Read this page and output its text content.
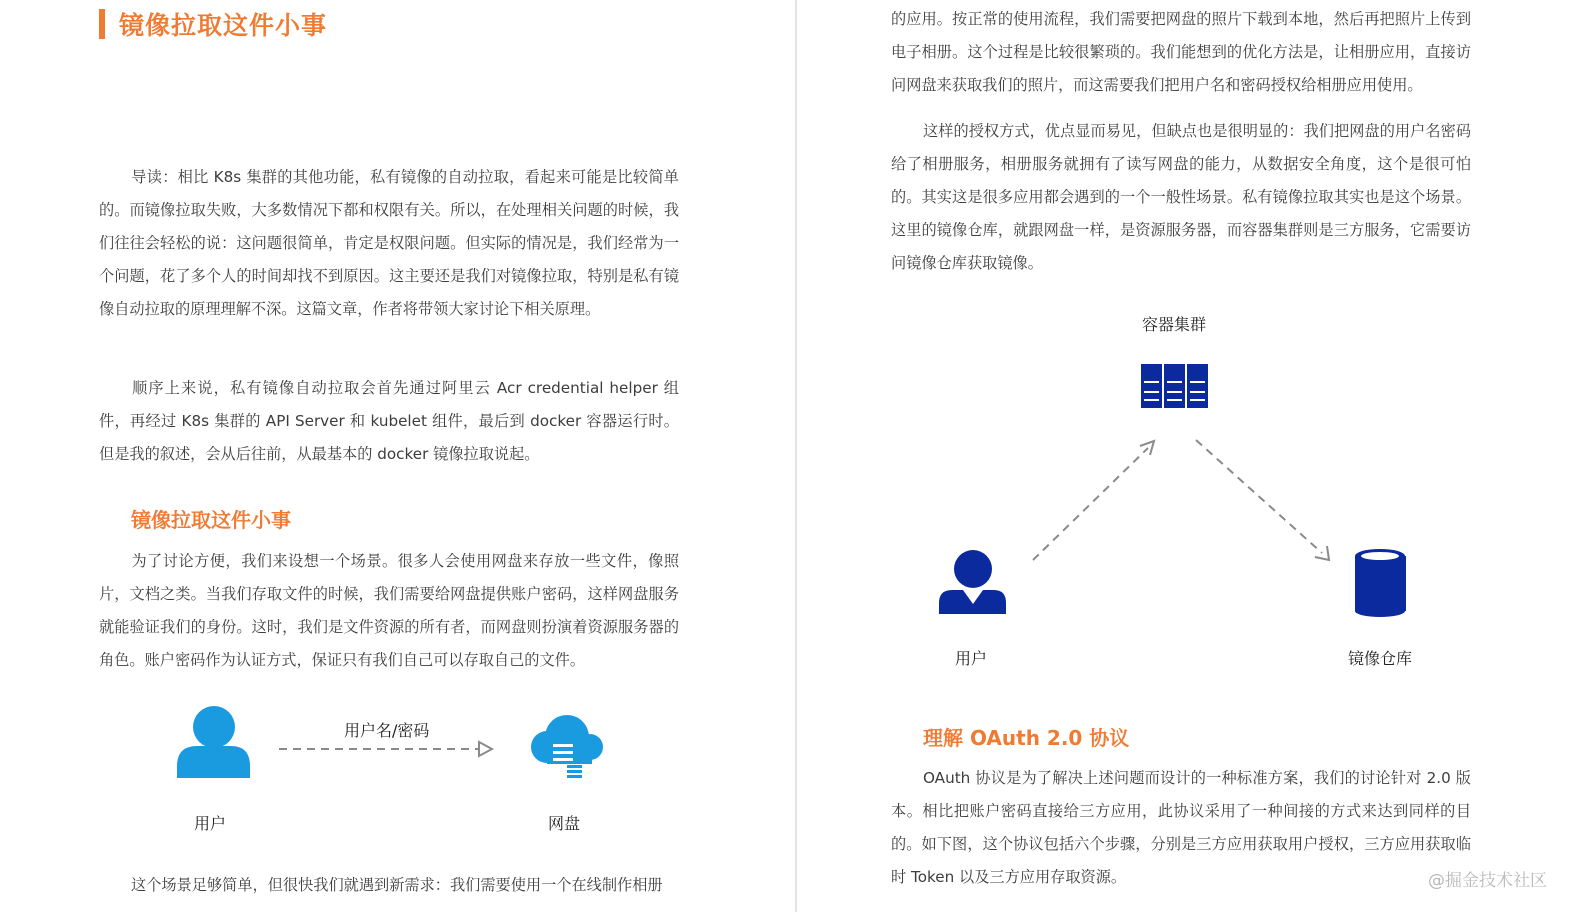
镜像拉取这件小事

导读：相比 K8s 集群的其他功能，私有镜像的自动拉取，看起来可能是比较简单的。而镜像拉取失败，大多数情况下都和权限有关。所以，在处理相关问题的时候，我们往往会轻松的说：这问题很简单，肯定是权限问题。但实际的情况是，我们经常为一个问题，花了多个人的时间却找不到原因。这主要还是我们对镜像拉取，特别是私有镜像自动拉取的原理理解不深。这篇文章，作者将带领大家讨论下相关原理。

顺序上来说，私有镜像自动拉取会首先通过阿里云 Acr credential helper 组件，再经过 K8s 集群的 API Server 和 kubelet 组件，最后到 docker 容器运行时。但是我的叙述，会从后往前，从最基本的 docker 镜像拉取说起。

镜像拉取这件小事

为了讨论方便，我们来设想一个场景。很多人会使用网盘来存放一些文件，像照片，文档之类。当我们存取文件的时候，我们需要给网盘提供账户密码，这样网盘服务就能验证我们的身份。这时，我们是文件资源的所有者，而网盘则扮演着资源服务器的角色。账户密码作为认证方式，保证只有我们自己可以存取自己的文件。

用户名/密码
用户	网盘

这个场景足够简单，但很快我们就遇到新需求：我们需要使用一个在线制作相册

的应用。按正常的使用流程，我们需要把网盘的照片下载到本地，然后再把照片上传到电子相册。这个过程是比较很繁琐的。我们能想到的优化方法是，让相册应用，直接访问网盘来获取我们的照片，而这需要我们把用户名和密码授权给相册应用使用。

这样的授权方式，优点显而易见，但缺点也是很明显的：我们把网盘的用户名密码给了相册服务，相册服务就拥有了读写网盘的能力，从数据安全角度，这个是很可怕的。其实这是很多应用都会遇到的一个一般性场景。私有镜像拉取其实也是这个场景。这里的镜像仓库，就跟网盘一样，是资源服务器，而容器集群则是三方服务，它需要访问镜像仓库获取镜像。

容器集群
用户	镜像仓库
理解 OAuth 2.0 协议

OAuth 协议是为了解决上述问题而设计的一种标准方案，我们的讨论针对 2.0 版本。相比把账户密码直接给三方应用，此协议采用了一种间接的方式来达到同样的目的。如下图，这个协议包括六个步骤，分别是三方应用获取用户授权，三方应用获取临时 Token 以及三方应用存取资源。	@掘金技术社区
